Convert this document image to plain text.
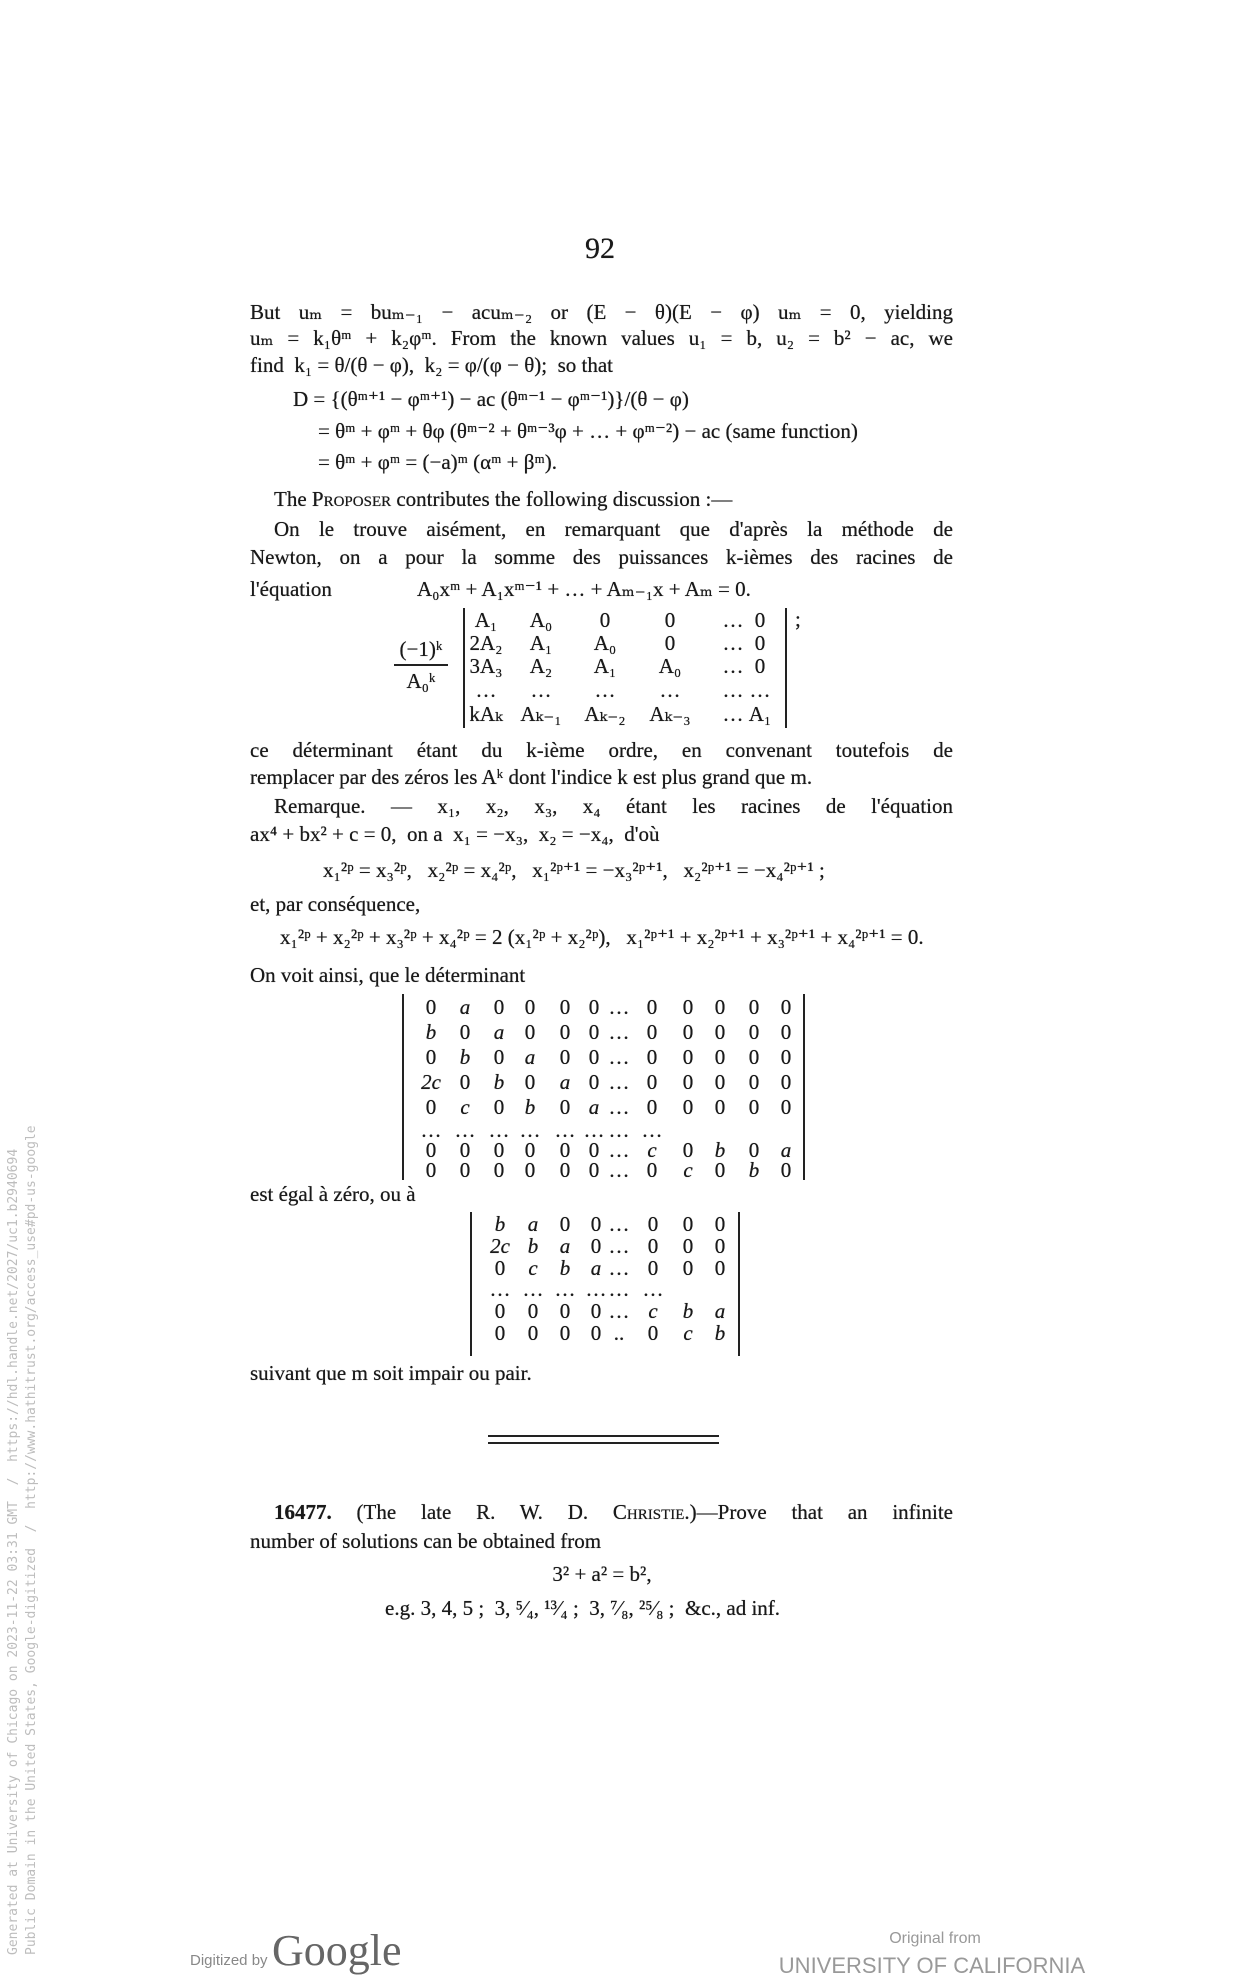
Generated at University of Chicago on 2023-11-22 03:31 GMT  /  https://hdl.handle.net/2027/uc1.b2940694 Public Domain in the United States, Google-digitized  /  http://www.hathitrust.org/access_use#pd-us-google
92
But uₘ = buₘ₋₁ − acuₘ₋₂ or (E − θ)(E − φ) uₘ = 0, yielding
uₘ = k₁θᵐ + k₂φᵐ. From the known values u₁ = b, u₂ = b² − ac, we
find  k₁ = θ/(θ − φ),  k₂ = φ/(φ − θ);  so that
D = {(θᵐ⁺¹ − φᵐ⁺¹) − ac (θᵐ⁻¹ − φᵐ⁻¹)}/(θ − φ)
= θᵐ + φᵐ + θφ (θᵐ⁻² + θᵐ⁻³φ + … + φᵐ⁻²) − ac (same function)
= θᵐ + φᵐ = (−a)ᵐ (αᵐ + βᵐ).
The Proposer contributes the following discussion :—
On le trouve aisément, en remarquant que d'après la méthode de
Newton, on a pour la somme des puissances k-ièmes des racines de
l'équation	A₀xᵐ + A₁xᵐ⁻¹ + … + Aₘ₋₁x + Aₘ = 0.
(−1)ᵏ
A₀ᵏ
;
A₁ A₀ 0	0 … 0
2A₂ A₁ A₀ 0 … 0
3A₃ A₂ A₁ A₀ … 0
… … … … … …
kAₖ Aₖ₋₁ Aₖ₋₂ Aₖ₋₃ … A₁
ce déterminant étant du k-ième ordre, en convenant toutefois de
remplacer par des zéros les Aᵏ dont l'indice k est plus grand que m.
Remarque. — x₁, x₂, x₃, x₄ étant les racines de l'équation
ax⁴ + bx² + c = 0,  on a  x₁ = −x₃,  x₂ = −x₄,  d'où
x₁²ᵖ = x₃²ᵖ,   x₂²ᵖ = x₄²ᵖ,   x₁²ᵖ⁺¹ = −x₃²ᵖ⁺¹,   x₂²ᵖ⁺¹ = −x₄²ᵖ⁺¹ ;
et, par conséquence,
x₁²ᵖ + x₂²ᵖ + x₃²ᵖ + x₄²ᵖ = 2 (x₁²ᵖ + x₂²ᵖ),   x₁²ᵖ⁺¹ + x₂²ᵖ⁺¹ + x₃²ᵖ⁺¹ + x₄²ᵖ⁺¹ = 0.
On voit ainsi, que le déterminant
0 a 0 0 0 0 … 0 0 0 0 0
b 0 a 0 0 0 … 0 0 0 0 0
0 b 0 a 0 0 … 0 0 0 0 0
2c 0 b 0 a 0 … 0 0 0 0 0
0 c 0 b 0 a … 0 0 0 0 0
… … … … … … … …

0 0 0 0 0 0 … c 0 b 0 a
0 0 0 0 0 0 … 0 c 0 b 0
est égal à zéro, ou à
b a 0 0 … 0 0 0
2c b a 0 … 0 0 0
0 c b a … 0 0 0
… … … … … …
0 0 0 0 … c b a
0 0 0 0 .. 0 c b
suivant que m soit impair ou pair.
16477. (The late R. W. D. Christie.)—Prove that an infinite
number of solutions can be obtained from
3² + a² = b²,
e.g. 3, 4, 5 ;  3, ⁵⁄₄, ¹³⁄₄ ;  3, ⁷⁄₈, ²⁵⁄₈ ;  &c., ad inf.
Digitized by Google	Original from
UNIVERSITY OF CALIFORNIA
